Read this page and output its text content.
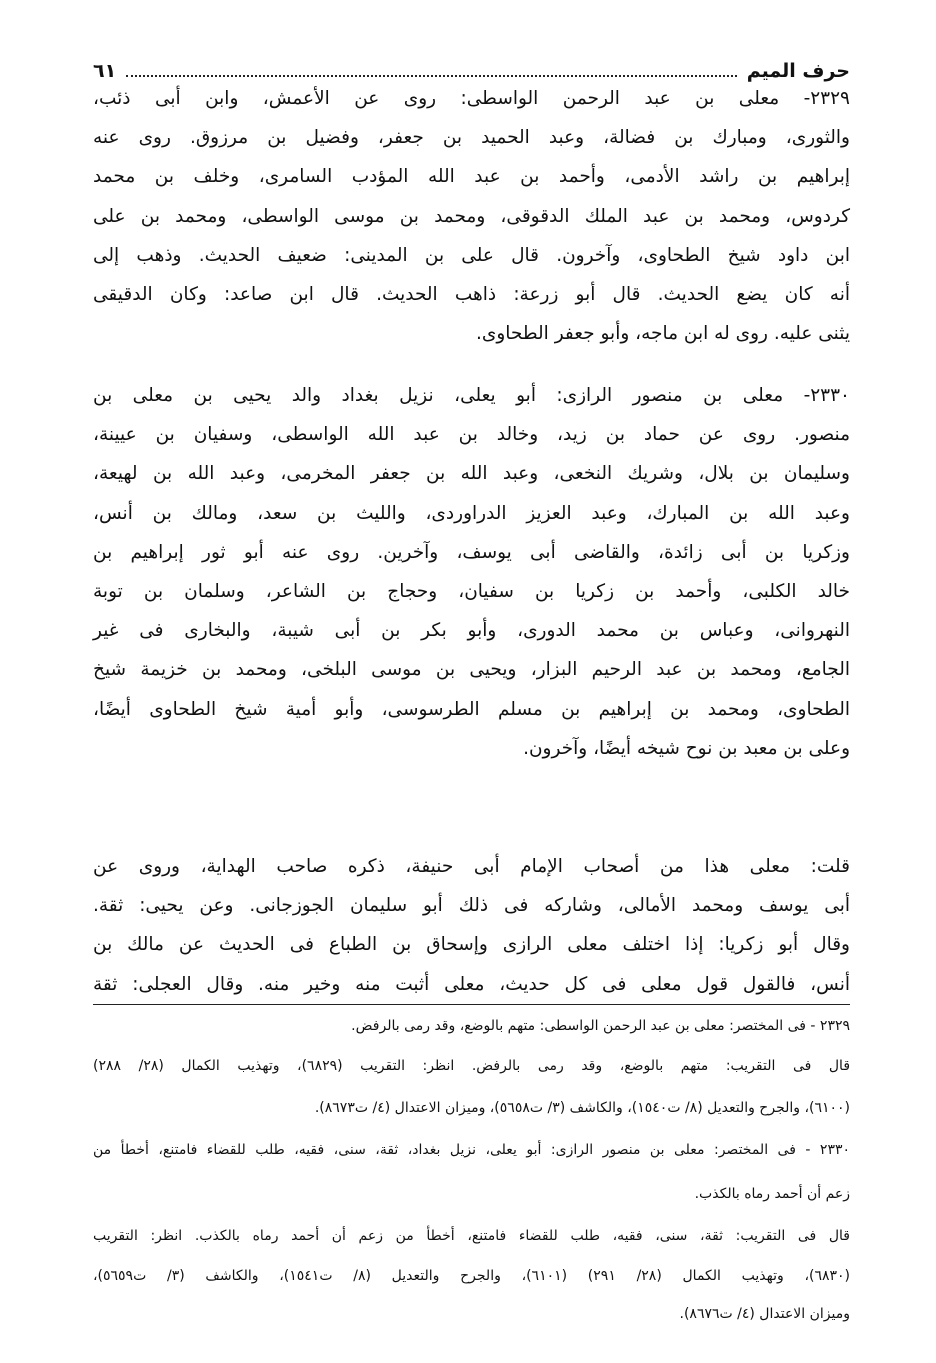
حرف الميم
٦١
٢٣٢٩- معلى بن عبد الرحمن الواسطى: روى عن الأعمش، وابن أبى ذئب،
والثورى، ومبارك بن فضالة، وعبد الحميد بن جعفر، وفضيل بن مرزوق. روى عنه
إبراهيم بن راشد الأدمى، وأحمد بن عبد الله المؤدب السامرى، وخلف بن محمد
كردوس، ومحمد بن عبد الملك الدقوقى، ومحمد بن موسى الواسطى، ومحمد بن على
ابن داود شيخ الطحاوى، وآخرون. قال على بن المدينى: ضعيف الحديث. وذهب إلى
أنه كان يضع الحديث. قال أبو زرعة: ذاهب الحديث. قال ابن صاعد: وكان الدقيقى
يثنى عليه. روى له ابن ماجه، وأبو جعفر الطحاوى.
٢٣٣٠- معلى بن منصور الرازى: أبو يعلى، نزيل بغداد والد يحيى بن معلى بن
منصور. روى عن حماد بن زيد، وخالد بن عبد الله الواسطى، وسفيان بن عيينة،
وسليمان بن بلال، وشريك النخعى، وعبد الله بن جعفر المخرمى، وعبد الله بن لهيعة،
وعبد الله بن المبارك، وعبد العزيز الدراوردى، والليث بن سعد، ومالك بن أنس،
وزكريا بن أبى زائدة، والقاضى أبى يوسف، وآخرين. روى عنه أبو ثور إبراهيم بن
خالد الكلبى، وأحمد بن زكريا بن سفيان، وحجاج بن الشاعر، وسلمان بن توبة
النهروانى، وعباس بن محمد الدورى، وأبو بكر بن أبى شيبة، والبخارى فى غير
الجامع، ومحمد بن عبد الرحيم البزار، ويحيى بن موسى البلخى، ومحمد بن خزيمة شيخ
الطحاوى، ومحمد بن إبراهيم بن مسلم الطرسوسى، وأبو أمية شيخ الطحاوى أيضًا،
وعلى بن معبد بن نوح شيخه أيضًا، وآخرون.
قلت: معلى هذا من أصحاب الإمام أبى حنيفة، ذكره صاحب الهداية، وروى عن
أبى يوسف ومحمد الأمالى، وشاركه فى ذلك أبو سليمان الجوزجانى. وعن يحيى: ثقة.
وقال أبو زكريا: إذا اختلف معلى الرازى وإسحاق بن الطباع فى الحديث عن مالك بن
أنس، فالقول قول معلى فى كل حديث، معلى أثبت منه وخير منه. وقال العجلى: ثقة
٢٣٢٩ - فى المختصر: معلى بن عبد الرحمن الواسطى: متهم بالوضع، وقد رمى بالرفض.
قال فى التقريب: متهم بالوضع، وقد رمى بالرفض. انظر: التقريب (٦٨٢٩)، وتهذيب الكمال (٢٨/ ٢٨٨)
(٦١٠٠)، والجرح والتعديل (٨/ ت١٥٤٠)، والكاشف (٣/ ت٥٦٥٨)، وميزان الاعتدال (٤/ ت٨٦٧٣).
٢٣٣٠ - فى المختصر: معلى بن منصور الرازى: أبو يعلى، نزيل بغداد، ثقة، سنى، فقيه، طلب للقضاء فامتنع، أخطأ من
زعم أن أحمد رماه بالكذب.
قال فى التقريب: ثقة، سنى، فقيه، طلب للقضاء فامتنع، أخطأ من زعم أن أحمد رماه بالكذب. انظر: التقريب
(٦٨٣٠)، وتهذيب الكمال (٢٨/ ٢٩١) (٦١٠١)، والجرح والتعديل (٨/ ت١٥٤١)، والكاشف (٣/ ت٥٦٥٩)،
وميزان الاعتدال (٤/ ت٨٦٧٦).
